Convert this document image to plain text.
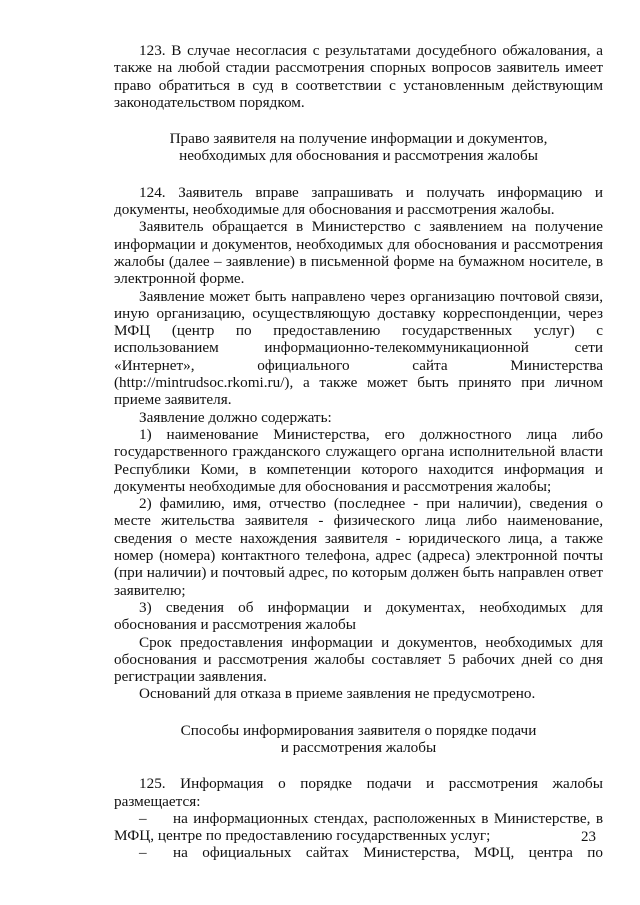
123. В случае несогласия с результатами досудебного обжалования, а также на любой стадии рассмотрения спорных вопросов заявитель имеет право обратиться в суд в соответствии с установленным действующим законодательством порядком.

Право заявителя на получение информации и документов,
необходимых для обоснования и рассмотрения жалобы

124. Заявитель вправе запрашивать и получать информацию и документы, необходимые для обоснования и рассмотрения жалобы.

Заявитель обращается в Министерство с заявлением на получение информации и документов, необходимых для обоснования и рассмотрения жалобы (далее – заявление) в письменной форме на бумажном носителе, в электронной форме.

Заявление может быть направлено через организацию почтовой связи, иную организацию, осуществляющую доставку корреспонденции, через МФЦ (центр по предоставлению государственных услуг) с использованием информационно-телекоммуникационной сети «Интернет», официального сайта Министерства (http://mintrudsoc.rkomi.ru/), а также может быть принято при личном приеме заявителя.

Заявление должно содержать:

1) наименование Министерства, его должностного лица либо государственного гражданского служащего органа исполнительной власти Республики Коми, в компетенции которого находится информация и документы необходимые для обоснования и рассмотрения жалобы;

2) фамилию, имя, отчество (последнее - при наличии), сведения о месте жительства заявителя - физического лица либо наименование, сведения о месте нахождения заявителя - юридического лица, а также номер (номера) контактного телефона, адрес (адреса) электронной почты (при наличии) и почтовый адрес, по которым должен быть направлен ответ заявителю;

3) сведения об информации и документах, необходимых для обоснования и рассмотрения жалобы

Срок предоставления информации и документов, необходимых для обоснования и рассмотрения жалобы составляет 5 рабочих дней со дня регистрации заявления.

Оснований для отказа в приеме заявления не предусмотрено.

Способы информирования заявителя о порядке подачи
и рассмотрения жалобы

125. Информация о порядке подачи и рассмотрения жалобы размещается:

– на информационных стендах, расположенных в Министерстве, в МФЦ, центре по предоставлению государственных услуг;

– на официальных сайтах Министерства, МФЦ, центра по

23
